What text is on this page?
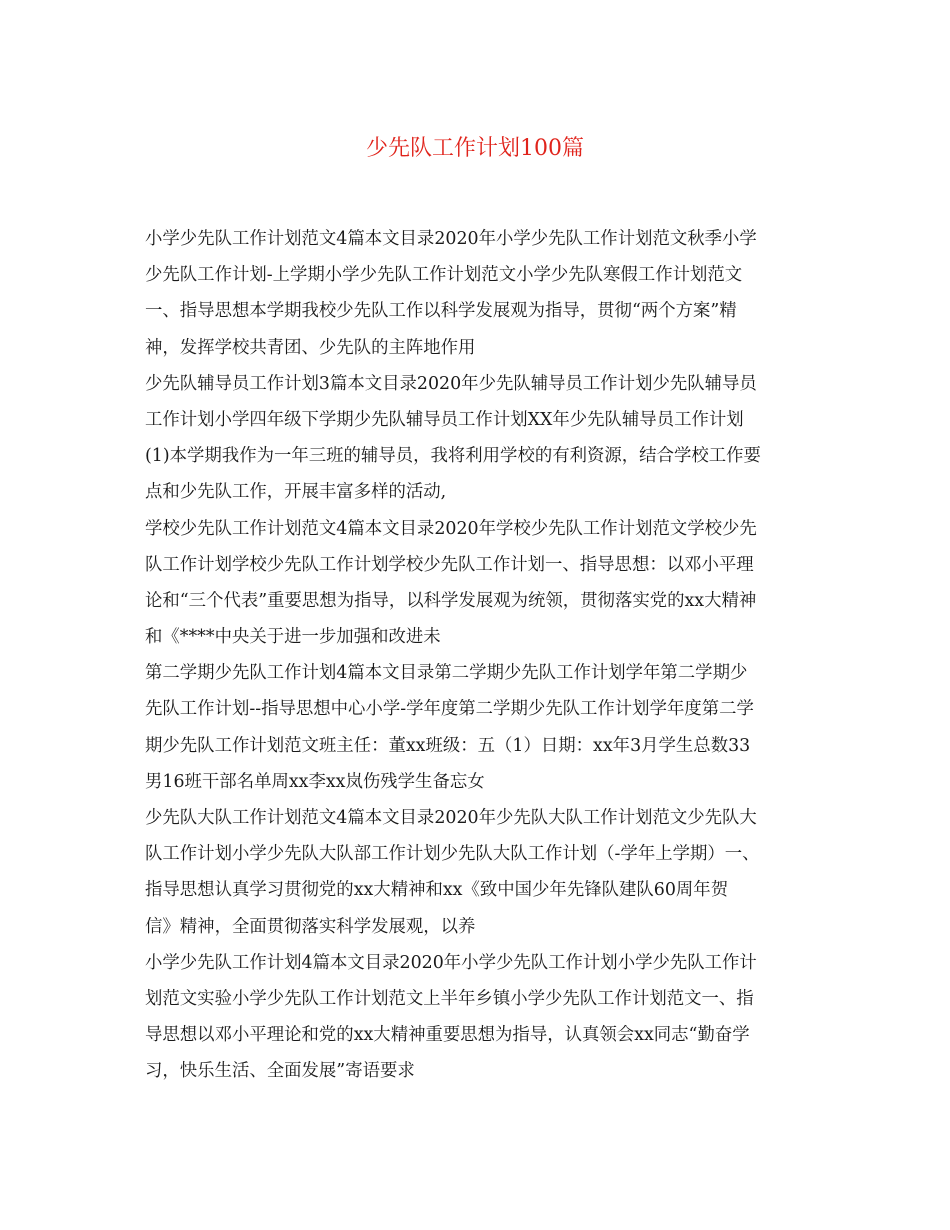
少先队工作计划100篇

小学少先队工作计划范文4篇本文目录2020年小学少先队工作计划范文秋季小学
少先队工作计划-上学期小学少先队工作计划范文小学少先队寒假工作计划范文
一、指导思想本学期我校少先队工作以科学发展观为指导，贯彻“两个方案”精
神，发挥学校共青团、少先队的主阵地作用

少先队辅导员工作计划3篇本文目录2020年少先队辅导员工作计划少先队辅导员
工作计划小学四年级下学期少先队辅导员工作计划XX年少先队辅导员工作计划
(1)本学期我作为一年三班的辅导员，我将利用学校的有利资源，结合学校工作要
点和少先队工作，开展丰富多样的活动,

学校少先队工作计划范文4篇本文目录2020年学校少先队工作计划范文学校少先
队工作计划学校少先队工作计划学校少先队工作计划一、指导思想：以邓小平理
论和“三个代表”重要思想为指导，以科学发展观为统领，贯彻落实党的xx大精神
和《****中央关于进一步加强和改进未

第二学期少先队工作计划4篇本文目录第二学期少先队工作计划学年第二学期少
先队工作计划--指导思想中心小学-学年度第二学期少先队工作计划学年度第二学
期少先队工作计划范文班主任：董xx班级：五（1）日期：xx年3月学生总数33
男16班干部名单周xx李xx岚伤残学生备忘女

少先队大队工作计划范文4篇本文目录2020年少先队大队工作计划范文少先队大
队工作计划小学少先队大队部工作计划少先队大队工作计划（-学年上学期）一、
指导思想认真学习贯彻党的xx大精神和xx《致中国少年先锋队建队60周年贺
信》精神，全面贯彻落实科学发展观，以养

小学少先队工作计划4篇本文目录2020年小学少先队工作计划小学少先队工作计
划范文实验小学少先队工作计划范文上半年乡镇小学少先队工作计划范文一、指
导思想以邓小平理论和党的xx大精神重要思想为指导，认真领会xx同志“勤奋学
习，快乐生活、全面发展”寄语要求
